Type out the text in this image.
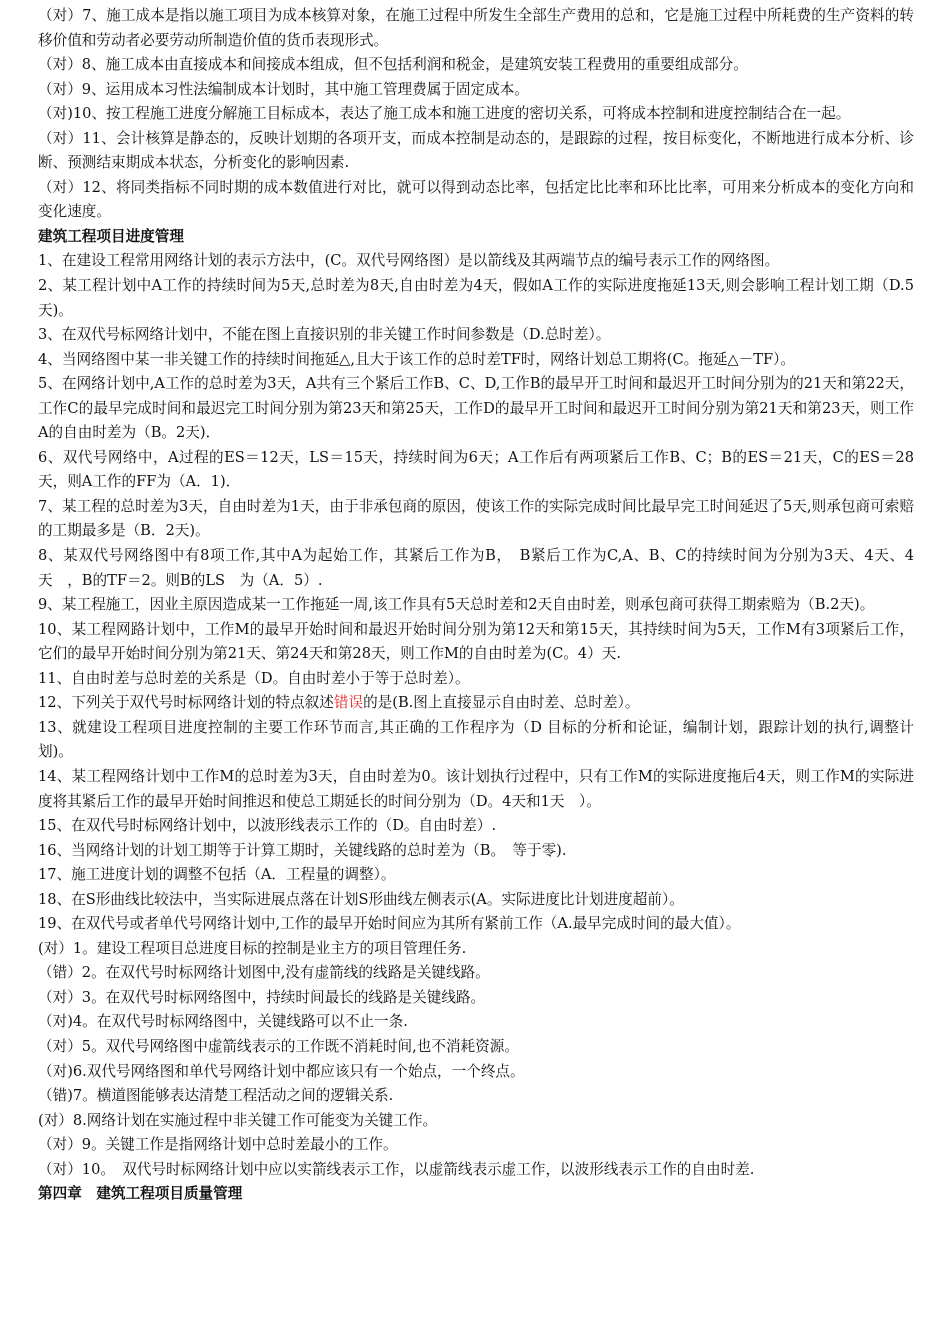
（对）7、施工成本是指以施工项目为成本核算对象，在施工过程中所发生全部生产费用的总和，它是施工过程中所耗费的生产资料的转移价值和劳动者必要劳动所制造价值的货币表现形式。

（对）8、施工成本由直接成本和间接成本组成，但不包括利润和税金，是建筑安装工程费用的重要组成部分。

（对）9、运用成本习性法编制成本计划时，其中施工管理费属于固定成本。

（对)10、按工程施工进度分解施工目标成本，表达了施工成本和施工进度的密切关系，可将成本控制和进度控制结合在一起。

（对）11、会计核算是静态的，反映计划期的各项开支，而成本控制是动态的，是跟踪的过程，按目标变化，不断地进行成本分析、诊断、预测结束期成本状态，分析变化的影响因素.

（对）12、将同类指标不同时期的成本数值进行对比，就可以得到动态比率，包括定比比率和环比比率，可用来分析成本的变化方向和变化速度。

建筑工程项目进度管理

1、在建设工程常用网络计划的表示方法中，(C。双代号网络图）是以箭线及其两端节点的编号表示工作的网络图。

2、某工程计划中A工作的持续时间为5天,总时差为8天,自由时差为4天，假如A工作的实际进度拖延13天,则会影响工程计划工期（D.5天)。

3、在双代号标网络计划中，不能在图上直接识别的非关键工作时间参数是（D.总时差）。

4、当网络图中某一非关键工作的持续时间拖延△,且大于该工作的总时差TF时，网络计划总工期将(C。拖延△－TF）。

5、在网络计划中,A工作的总时差为3天，A共有三个紧后工作B、C、D,工作B的最早开工时间和最迟开工时间分别为的21天和第22天，工作C的最早完成时间和最迟完工时间分别为第23天和第25天，工作D的最早开工时间和最迟开工时间分别为第21天和第23天，则工作A的自由时差为（B。2天)．

6、双代号网络中，A过程的ES＝12天，LS＝15天，持续时间为6天；A工作后有两项紧后工作B、C；B的ES＝21天，C的ES＝28天，则A工作的FF为（A．1)．

7、某工程的总时差为3天，自由时差为1天，由于非承包商的原因，使该工作的实际完成时间比最早完工时间延迟了5天,则承包商可索赔的工期最多是（B．2天)。

8、某双代号网络图中有8项工作,其中A为起始工作，其紧后工作为B，　B紧后工作为C,A、B、C的持续时间为分别为3天、4天、4天　，B的TF＝2。则B的LS　为（A．5）.

9、某工程施工，因业主原因造成某一工作拖延一周,该工作具有5天总时差和2天自由时差，则承包商可获得工期索赔为（B.2天)。

10、某工程网路计划中，工作M的最早开始时间和最迟开始时间分别为第12天和第15天，其持续时间为5天，工作M有3项紧后工作，它们的最早开始时间分别为第21天、第24天和第28天，则工作M的自由时差为(C。4）天.

11、自由时差与总时差的关系是（D。自由时差小于等于总时差）。

12、下列关于双代号时标网络计划的特点叙述错误的是(B.图上直接显示自由时差、总时差）。

13、就建设工程项目进度控制的主要工作环节而言,其正确的工作程序为（D 目标的分析和论证，编制计划，跟踪计划的执行,调整计划)。

14、某工程网络计划中工作M的总时差为3天，自由时差为0。该计划执行过程中，只有工作M的实际进度拖后4天，则工作M的实际进度将其紧后工作的最早开始时间推迟和使总工期延长的时间分别为（D。4天和1天　）。

15、在双代号时标网络计划中，以波形线表示工作的（D。自由时差）.

16、当网络计划的计划工期等于计算工期时，关键线路的总时差为（B。　等于零).

17、施工进度计划的调整不包括（A．工程量的调整）。

18、在S形曲线比较法中，当实际进展点落在计划S形曲线左侧表示(A。实际进度比计划进度超前）。

19、在双代号或者单代号网络计划中,工作的最早开始时间应为其所有紧前工作（A.最早完成时间的最大值）。

(对）1。建设工程项目总进度目标的控制是业主方的项目管理任务.

（错）2。在双代号时标网络计划图中,没有虚箭线的线路是关键线路。

（对）3。在双代号时标网络图中，持续时间最长的线路是关键线路。

（对)4。在双代号时标网络图中，关键线路可以不止一条.

（对）5。双代号网络图中虚箭线表示的工作既不消耗时间,也不消耗资源。

（对)6.双代号网络图和单代号网络计划中都应该只有一个始点，一个终点。

（错)7。横道图能够表达清楚工程活动之间的逻辑关系.

(对）8.网络计划在实施过程中非关键工作可能变为关键工作。

（对）9。关键工作是指网络计划中总时差最小的工作。

（对）10。　双代号时标网络计划中应以实箭线表示工作，以虚箭线表示虚工作，以波形线表示工作的自由时差.

第四章　建筑工程项目质量管理
